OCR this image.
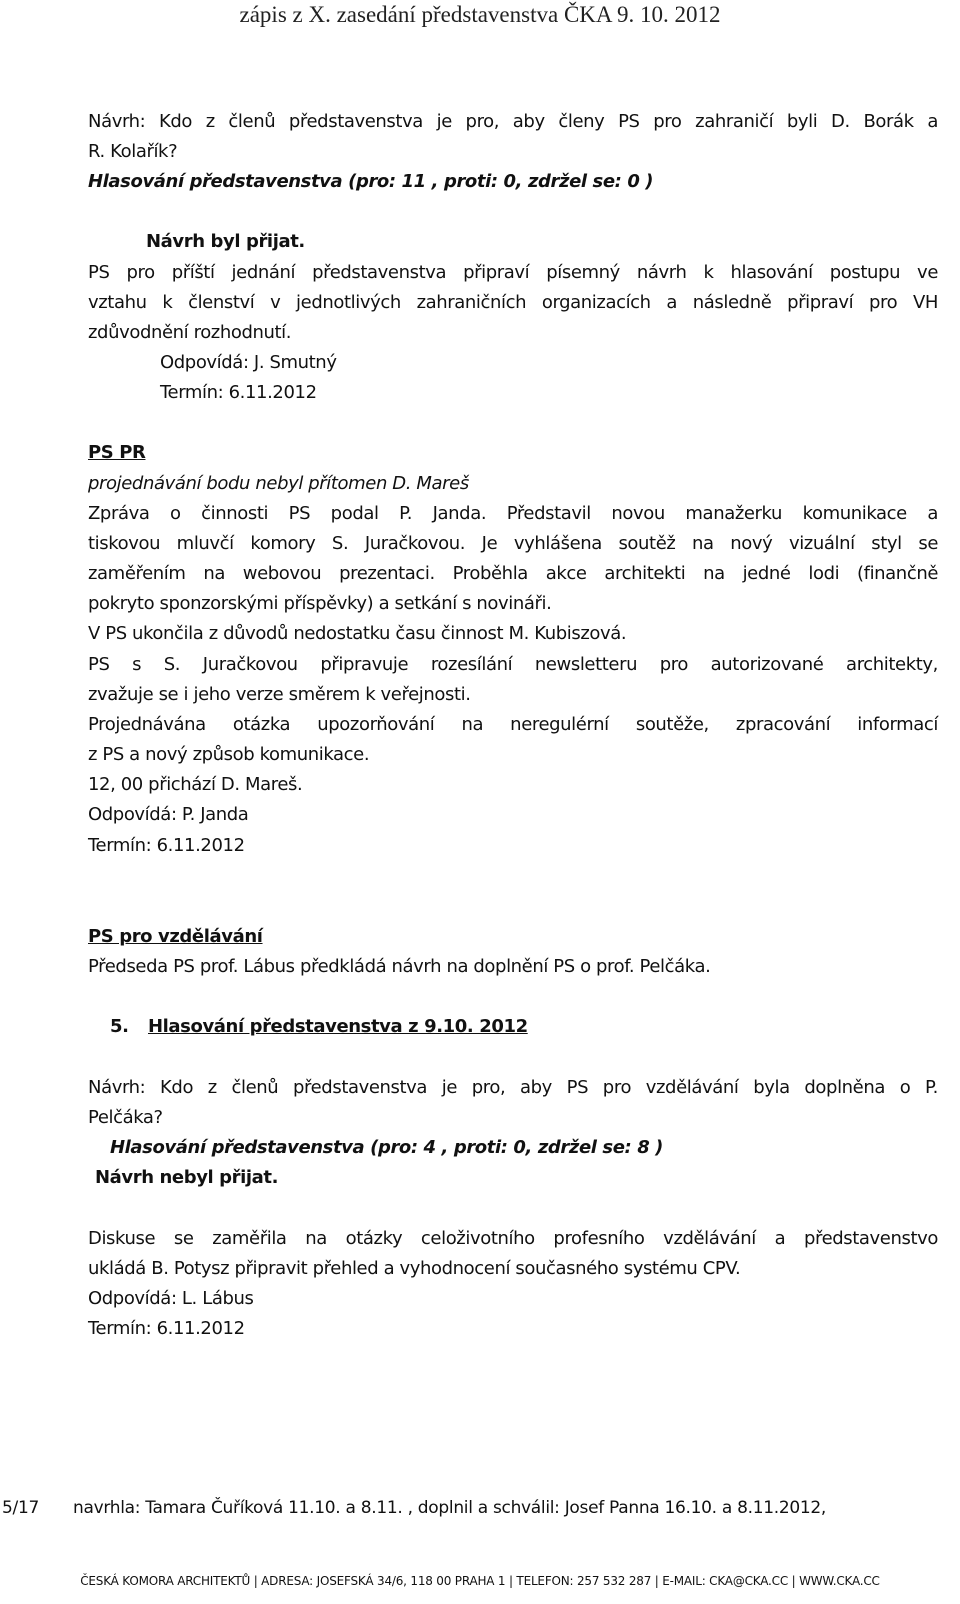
zápis z X. zasedání představenstva ČKA 9. 10. 2012
Návrh: Kdo z členů představenstva je pro, aby členy PS pro zahraničí byli D. Borák a
R. Kolařík?
Hlasování představenstva (pro: 11 , proti: 0, zdržel se: 0 )
Návrh byl přijat.
PS pro příští jednání představenstva připraví písemný návrh k hlasování postupu ve
vztahu k členství v jednotlivých zahraničních organizacích a následně připraví pro VH
zdůvodnění rozhodnutí.
Odpovídá: J. Smutný
Termín: 6.11.2012
PS PR
projednávání bodu nebyl přítomen D. Mareš
Zpráva o činnosti PS podal P. Janda. Představil novou manažerku komunikace a
tiskovou mluvčí komory S. Juračkovou. Je vyhlášena soutěž na nový vizuální styl se
zaměřením na webovou prezentaci. Proběhla akce architekti na jedné lodi (finančně
pokryto sponzorskými příspěvky) a setkání s novináři.
V PS ukončila z důvodů nedostatku času činnost M. Kubiszová.
PS s S. Juračkovou připravuje rozesílání newsletteru pro autorizované architekty,
zvažuje se i jeho verze směrem k veřejnosti.
Projednávána otázka upozorňování na neregulérní soutěže, zpracování informací
z PS a nový způsob komunikace.
12, 00 přichází D. Mareš.
Odpovídá: P. Janda
Termín: 6.11.2012
PS pro vzdělávání
Předseda PS prof. Lábus předkládá návrh na doplnění PS o prof. Pelčáka.
5.	Hlasování představenstva z 9.10. 2012
Návrh: Kdo z členů představenstva je pro, aby PS pro vzdělávání byla doplněna o P.
Pelčáka?
Hlasování představenstva (pro: 4 , proti: 0, zdržel se: 8 )
Návrh nebyl přijat.
Diskuse se zaměřila na otázky celoživotního profesního vzdělávání a představenstvo
ukládá B. Potysz připravit přehled a vyhodnocení současného systému CPV.
Odpovídá: L. Lábus
Termín: 6.11.2012
5/17	navrhla: Tamara Čuříková 11.10. a 8.11. , doplnil a schválil: Josef Panna 16.10. a 8.11.2012,
ČESKÁ KOMORA ARCHITEKTŮ | ADRESA: JOSEFSKÁ 34/6, 118 00 PRAHA 1 | TELEFON: 257 532 287 | E-MAIL: CKA@CKA.CC | WWW.CKA.CC
